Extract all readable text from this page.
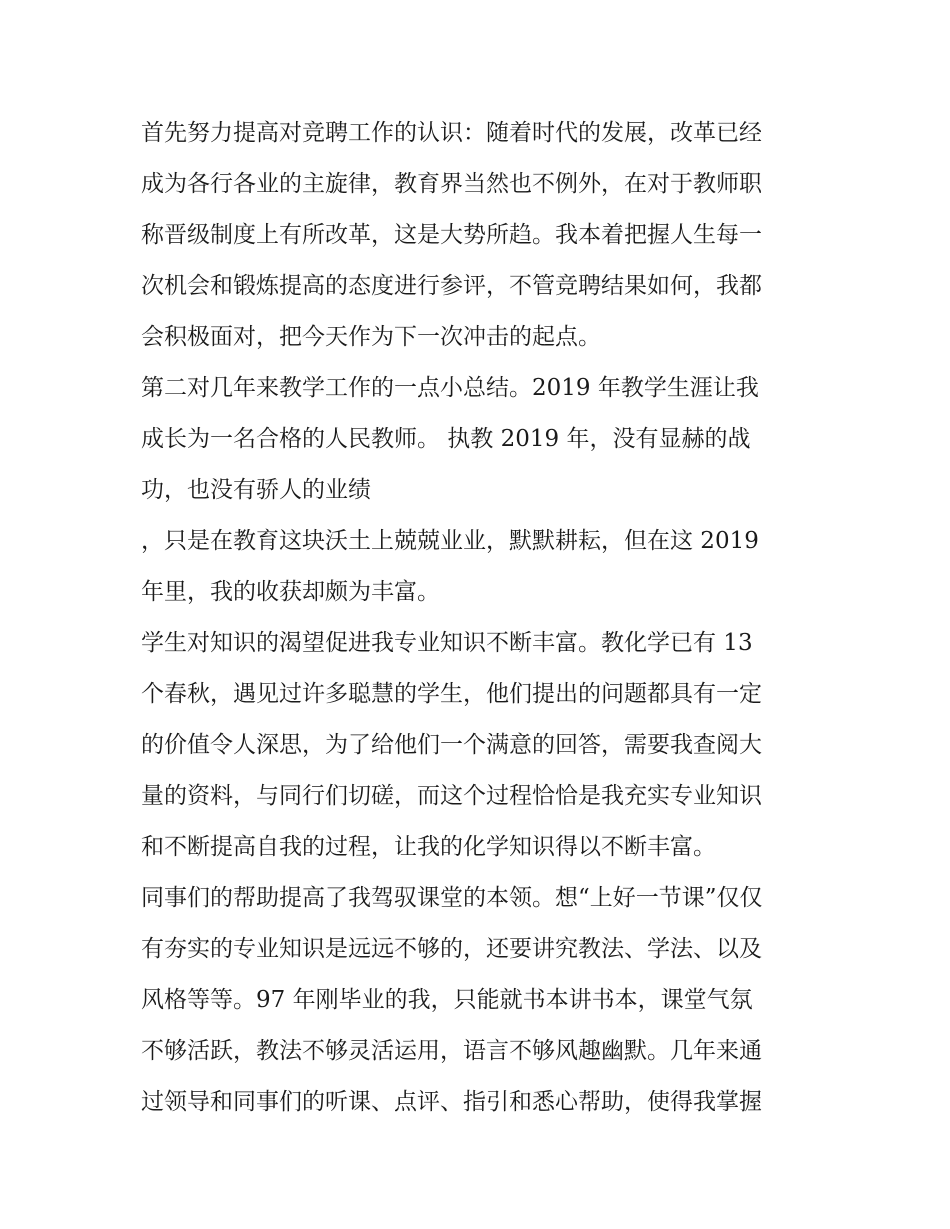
首先努力提高对竞聘工作的认识：随着时代的发展，改革已经
成为各行各业的主旋律，教育界当然也不例外，在对于教师职
称晋级制度上有所改革，这是大势所趋。我本着把握人生每一
次机会和锻炼提高的态度进行参评，不管竞聘结果如何，我都
会积极面对，把今天作为下一次冲击的起点。
第二对几年来教学工作的一点小总结。2019 年教学生涯让我
成长为一名合格的人民教师。 执教 2019 年，没有显赫的战
功，也没有骄人的业绩
，只是在教育这块沃土上兢兢业业，默默耕耘，但在这 2019
年里，我的收获却颇为丰富。
学生对知识的渴望促进我专业知识不断丰富。教化学已有 13
个春秋，遇见过许多聪慧的学生，他们提出的问题都具有一定
的价值令人深思，为了给他们一个满意的回答，需要我查阅大
量的资料，与同行们切磋，而这个过程恰恰是我充实专业知识
和不断提高自我的过程，让我的化学知识得以不断丰富。
同事们的帮助提高了我驾驭课堂的本领。想“上好一节课”仅仅
有夯实的专业知识是远远不够的，还要讲究教法、学法、以及
风格等等。97 年刚毕业的我，只能就书本讲书本，课堂气氛
不够活跃，教法不够灵活运用，语言不够风趣幽默。几年来通
过领导和同事们的听课、点评、指引和悉心帮助，使得我掌握
